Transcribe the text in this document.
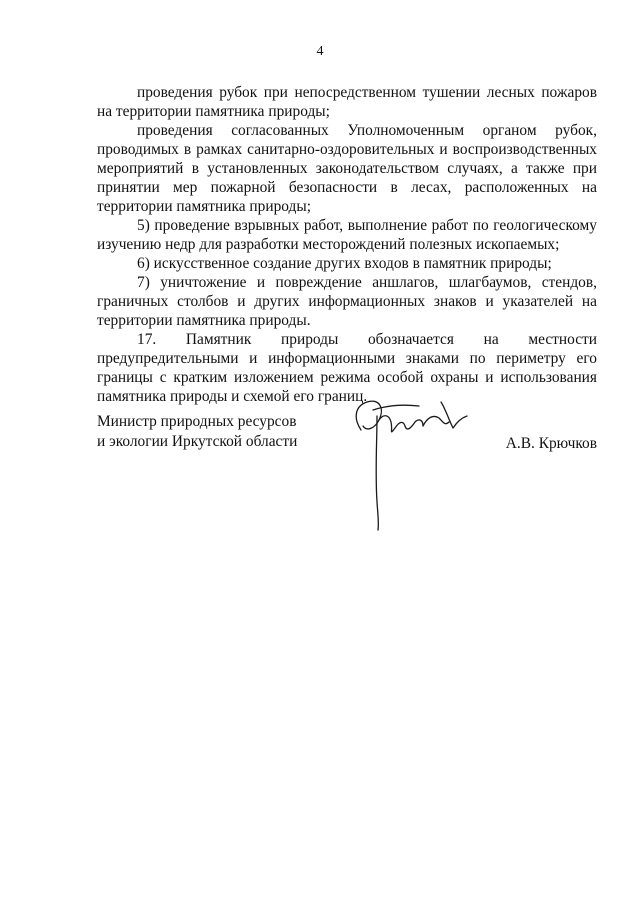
4

проведения рубок при непосредственном тушении лесных пожаров на территории памятника природы;

проведения согласованных Уполномоченным органом рубок, проводимых в рамках санитарно-оздоровительных и воспроизводственных мероприятий в установленных законодательством случаях, а также при принятии мер пожарной безопасности в лесах, расположенных на территории памятника природы;

5) проведение взрывных работ, выполнение работ по геологическому изучению недр для разработки месторождений полезных ископаемых;

6) искусственное создание других входов в памятник природы;

7) уничтожение и повреждение аншлагов, шлагбаумов, стендов, граничных столбов и других информационных знаков и указателей на территории памятника природы.

17. Памятник природы обозначается на местности предупредительными и информационными знаками по периметру его границы с кратким изложением режима особой охраны и использования памятника природы и схемой его границ.

Министр природных ресурсов
и экологии Иркутской области	А.В. Крючков
